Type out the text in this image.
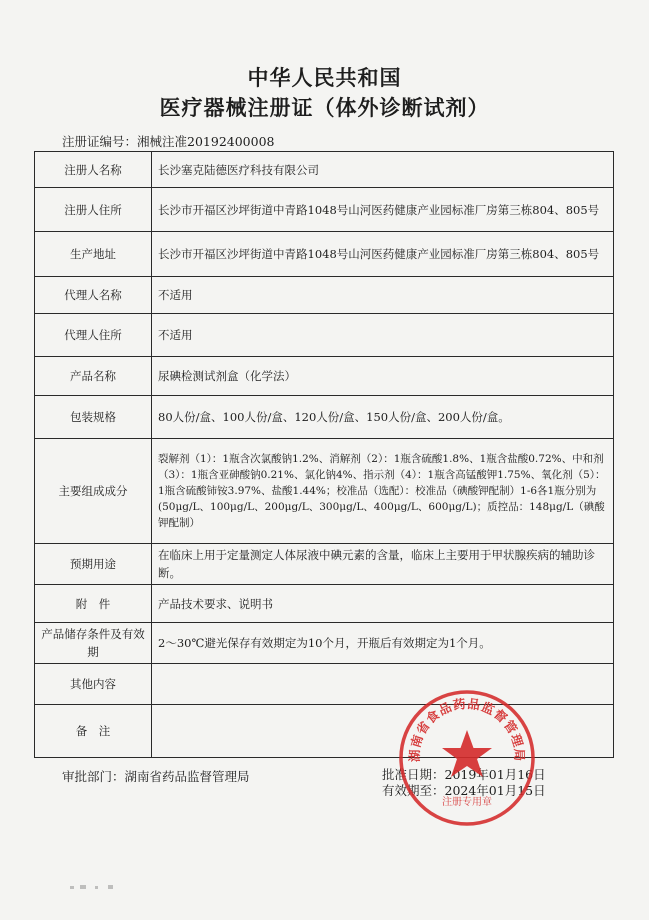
中华人民共和国
医疗器械注册证（体外诊断试剂）
注册证编号：湘械注准20192400008
注册人名称	长沙塞克陆德医疗科技有限公司
注册人住所	长沙市开福区沙坪街道中青路1048号山河医药健康产业园标准厂房第三栋804、805号
生产地址	长沙市开福区沙坪街道中青路1048号山河医药健康产业园标准厂房第三栋804、805号
代理人名称	不适用
代理人住所	不适用
产品名称	尿碘检测试剂盒（化学法）
包装规格	80人份/盒、100人份/盒、120人份/盒、150人份/盒、200人份/盒。
主要组成成分	裂解剂（1）：1瓶含次氯酸钠1.2%、消解剂（2）：1瓶含硫酸1.8%、1瓶含盐酸0.72%、中和剂（3）：1瓶含亚砷酸钠0.21%、氯化钠4%、指示剂（4）：1瓶含高锰酸钾1.75%、氧化剂（5）：1瓶含硫酸铈铵3.97%、盐酸1.44%；校准品（选配）：校准品（碘酸钾配制）1-6各1瓶分别为(50μg/L、100μg/L、200μg/L、300μg/L、400μg/L、600μg/L)；质控品：148μg/L（碘酸钾配制）
预期用途	在临床上用于定量测定人体尿液中碘元素的含量，临床上主要用于甲状腺疾病的辅助诊断。
附　件	产品技术要求、说明书
产品储存条件及有效期	2～30℃避光保存有效期定为10个月，开瓶后有效期定为1个月。
其他内容	
备　注	
审批部门：湖南省药品监督管理局	批准日期：2019年01月16日
有效期至：2024年01月15日
湖南省食品药品监督管理局
注册专用章
